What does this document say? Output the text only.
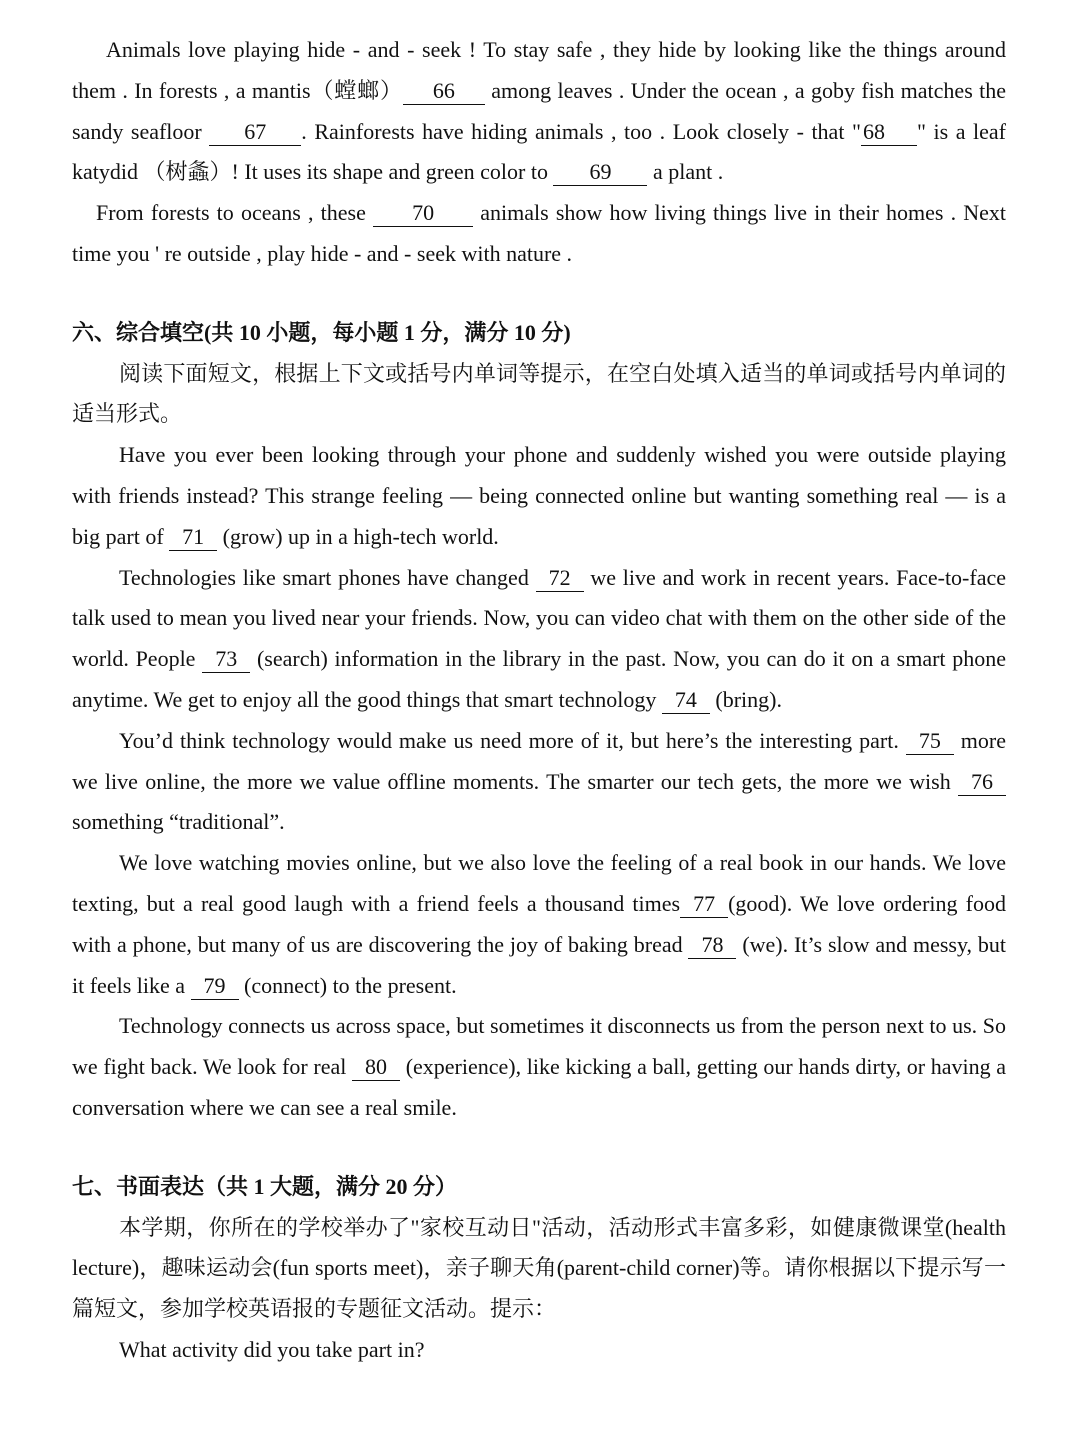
Animals love playing hide - and - seek ! To stay safe , they hide by looking like the things around them . In forests , a mantis（螳螂） 66 among leaves . Under the ocean , a goby fish matches the sandy seafloor 67 . Rainforests have hiding animals , too . Look closely - that "68 " is a leaf katydid （树螽）! It uses its shape and green color to 69 a plant .

From forests to oceans , these 70 animals show how living things live in their homes . Next time you ' re outside , play hide - and - seek with nature .

六、综合填空(共 10 小题，每小题 1 分，满分 10 分)

阅读下面短文，根据上下文或括号内单词等提示，在空白处填入适当的单词或括号内单词的适当形式。

Have you ever been looking through your phone and suddenly wished you were outside playing with friends instead? This strange feeling — being connected online but wanting something real — is a big part of 71 (grow) up in a high-tech world.

Technologies like smart phones have changed 72 we live and work in recent years. Face-to-face talk used to mean you lived near your friends. Now, you can video chat with them on the other side of the world. People 73 (search) information in the library in the past. Now, you can do it on a smart phone anytime. We get to enjoy all the good things that smart technology 74 (bring).

You’d think technology would make us need more of it, but here’s the interesting part. 75 more we live online, the more we value offline moments. The smarter our tech gets, the more we wish 76 something “traditional”.

We love watching movies online, but we also love the feeling of a real book in our hands. We love texting, but a real good laugh with a friend feels a thousand times 77 (good). We love ordering food with a phone, but many of us are discovering the joy of baking bread 78 (we). It’s slow and messy, but it feels like a 79 (connect) to the present.

Technology connects us across space, but sometimes it disconnects us from the person next to us. So we fight back. We look for real 80 (experience), like kicking a ball, getting our hands dirty, or having a conversation where we can see a real smile.

七、书面表达（共 1 大题，满分 20 分）

本学期，你所在的学校举办了"家校互动日"活动，活动形式丰富多彩，如健康微课堂(health lecture)，趣味运动会(fun sports meet)，亲子聊天角(parent-child corner)等。请你根据以下提示写一篇短文，参加学校英语报的专题征文活动。提示：

What activity did you take part in?
